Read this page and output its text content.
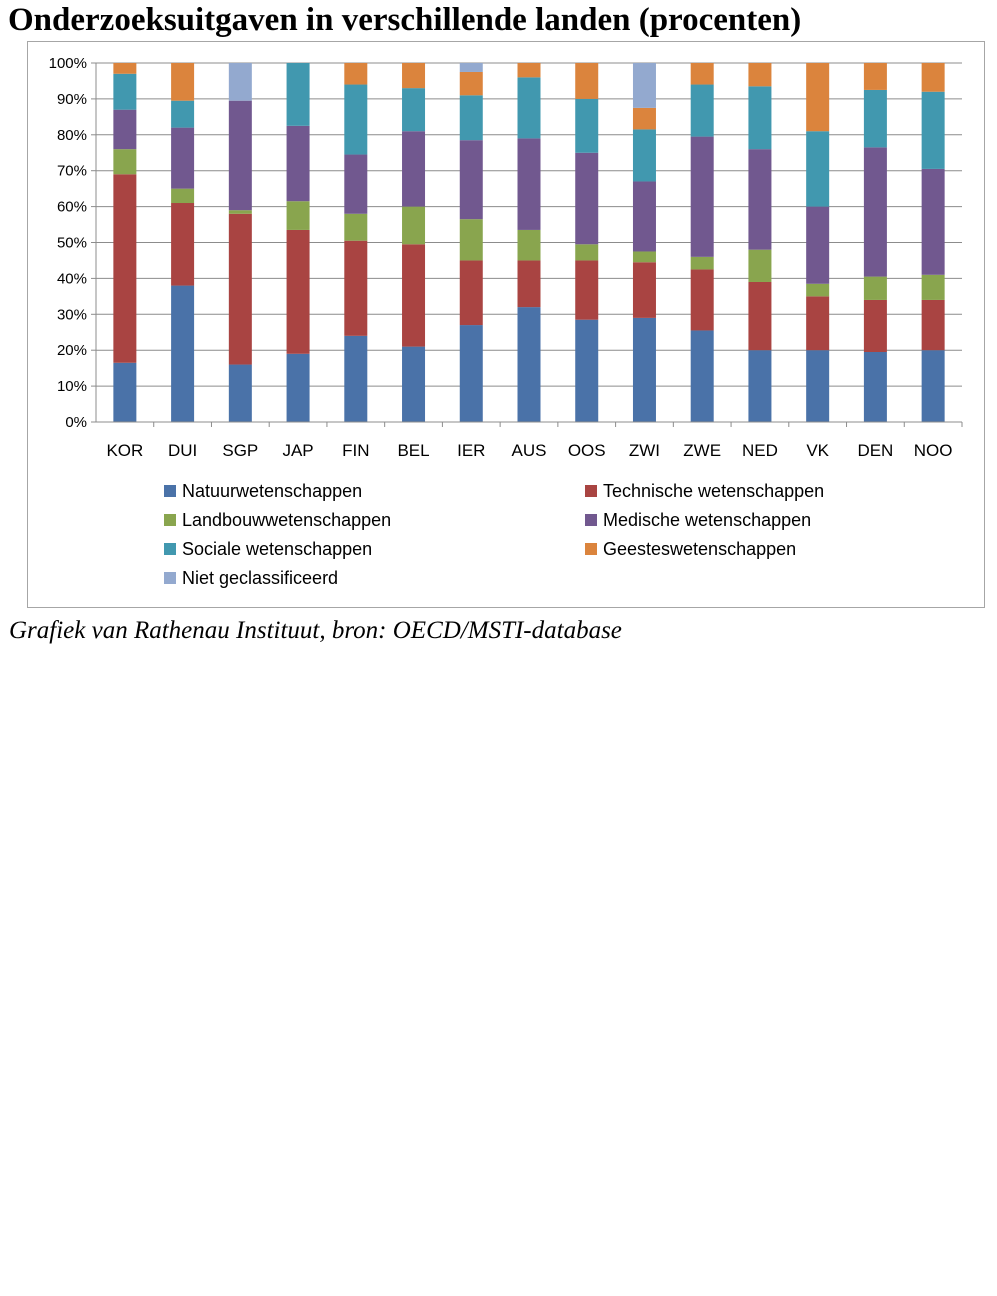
Onderzoeksuitgaven in verschillende landen (procenten)
0%
10%
20%
30%
40%
50%
60%
70%
80%
90%
100%
KOR DUI SGP JAP FIN BEL IER AUS OOS ZWI ZWE NED VK DEN NOO
Natuurwetenschappen	Technische wetenschappen
Landbouwwetenschappen	Medische wetenschappen
Sociale wetenschappen	Geesteswetenschappen
Niet geclassificeerd

Grafiek van Rathenau Instituut, bron: OECD/MSTI-database
